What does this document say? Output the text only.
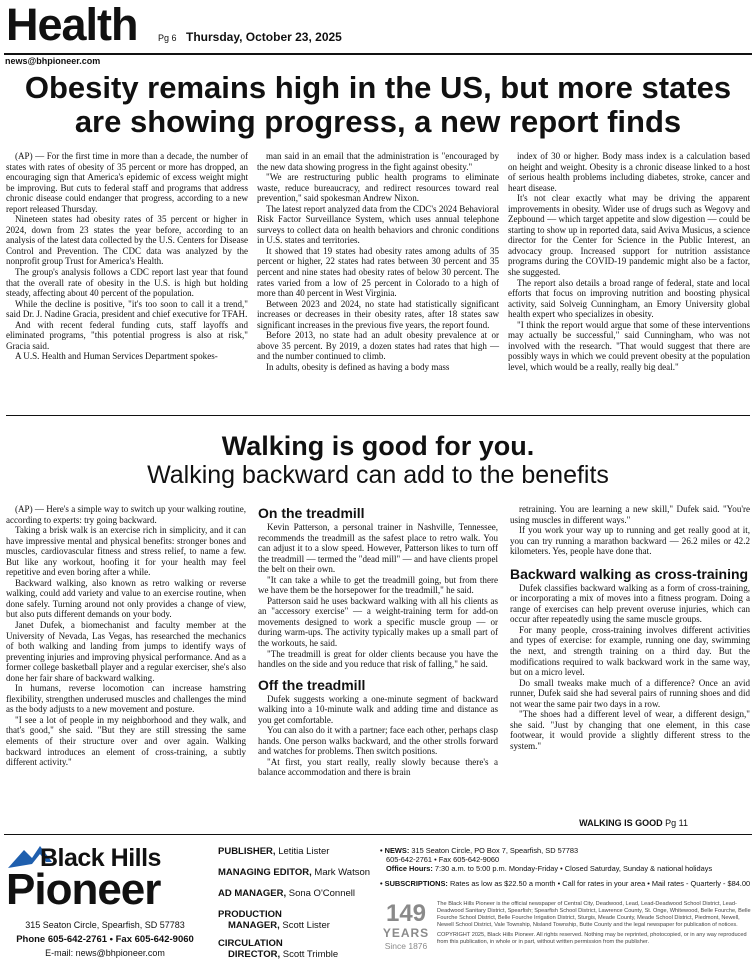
Health Pg 6 Thursday, October 23, 2025
news@bhpioneer.com
Obesity remains high in the US, but more states are showing progress, a new report finds

(AP) — For the first time in more than a decade, the number of states with rates of obesity of 35 percent or more has dropped, an encouraging sign that America's epidemic of excess weight might be improving. But cuts to federal staff and programs that address chronic disease could endanger that progress, according to a new report released Thursday.

Nineteen states had obesity rates of 35 percent or higher in 2024, down from 23 states the year before, according to an analysis of the latest data collected by the U.S. Centers for Disease Control and Prevention. The CDC data was analyzed by the nonprofit group Trust for America's Health.

The group's analysis follows a CDC report last year that found that the overall rate of obesity in the U.S. is high but holding steady, affecting about 40 percent of the population.

While the decline is positive, "it's too soon to call it a trend," said Dr. J. Nadine Gracia, president and chief executive for TFAH.

And with recent federal funding cuts, staff layoffs and eliminated programs, "this potential progress is also at risk," Gracia said.

A U.S. Health and Human Services Department spokes-

man said in an email that the administration is "encouraged by the new data showing progress in the fight against obesity."

"We are restructuring public health programs to eliminate waste, reduce bureaucracy, and redirect resources toward real prevention," said spokesman Andrew Nixon.

The latest report analyzed data from the CDC's 2024 Behavioral Risk Factor Surveillance System, which uses annual telephone surveys to collect data on health behaviors and chronic conditions in U.S. states and territories.

It showed that 19 states had obesity rates among adults of 35 percent or higher, 22 states had rates between 30 percent and 35 percent and nine states had obesity rates of below 30 percent. The rates varied from a low of 25 percent in Colorado to a high of more than 40 percent in West Virginia.

Between 2023 and 2024, no state had statistically significant increases or decreases in their obesity rates, after 18 states saw significant increases in the previous five years, the report found.

Before 2013, no state had an adult obesity prevalence at or above 35 percent. By 2019, a dozen states had rates that high — and the number continued to climb.

In adults, obesity is defined as having a body mass

index of 30 or higher. Body mass index is a calculation based on height and weight. Obesity is a chronic disease linked to a host of serious health problems including diabetes, stroke, cancer and heart disease.

It's not clear exactly what may be driving the apparent improvements in obesity. Wider use of drugs such as Wegovy and Zepbound — which target appetite and slow digestion — could be starting to show up in reported data, said Aviva Musicus, a science director for the Center for Science in the Public Interest, an advocacy group. Increased support for nutrition assistance programs during the COVID-19 pandemic might also be a factor, she suggested.

The report also details a broad range of federal, state and local efforts that focus on improving nutrition and boosting physical activity, said Solveig Cunningham, an Emory University global health expert who specializes in obesity.

"I think the report would argue that some of these interventions may actually be successful," said Cunningham, who was not involved with the research. "That would suggest that there are possibly ways in which we could prevent obesity at the population level, which would be a really, really big deal."

Walking is good for you.
Walking backward can add to the benefits

(AP) — Here's a simple way to switch up your walking routine, according to experts: try going backward.

Taking a brisk walk is an exercise rich in simplicity, and it can have impressive mental and physical benefits: stronger bones and muscles, cardiovascular fitness and stress relief, to name a few. But like any workout, hoofing it for your health may feel repetitive and even boring after a while.

Backward walking, also known as retro walking or reverse walking, could add variety and value to an exercise routine, when done safely. Turning around not only provides a change of view, but also puts different demands on your body.

Janet Dufek, a biomechanist and faculty member at the University of Nevada, Las Vegas, has researched the mechanics of both walking and landing from jumps to identify ways of preventing injuries and improving physical performance. And as a former college basketball player and a regular exerciser, she's also done her fair share of backward walking.

In humans, reverse locomotion can increase hamstring flexibility, strengthen underused muscles and challenges the mind as the body adjusts to a new movement and posture.

"I see a lot of people in my neighborhood and they walk, and that's good," she said. "But they are still stressing the same elements of their structure over and over again. Walking backward introduces an element of cross-training, a subtly different activity."

On the treadmill

Kevin Patterson, a personal trainer in Nashville, Tennessee, recommends the treadmill as the safest place to retro walk. You can adjust it to a slow speed. However, Patterson likes to turn off the treadmill — termed the "dead mill" — and have clients propel the belt on their own.

"It can take a while to get the treadmill going, but from there we have them be the horsepower for the treadmill," he said.

Patterson said he uses backward walking with all his clients as an "accessory exercise" — a weight-training term for add-on movements designed to work a specific muscle group — or during warm-ups. The activity typically makes up a small part of the workouts, he said.

"The treadmill is great for older clients because you have the handles on the side and you reduce that risk of falling," he said.

Off the treadmill

Dufek suggests working a one-minute segment of backward walking into a 10-minute walk and adding time and distance as you get comfortable.

You can also do it with a partner; face each other, perhaps clasp hands. One person walks backward, and the other strolls forward and watches for problems. Then switch positions.

"At first, you start really, really slowly because there's a balance accommodation and there is brain

retraining. You are learning a new skill," Dufek said. "You're using muscles in different ways."

If you work your way up to running and get really good at it, you can try running a marathon backward — 26.2 miles or 42.2 kilometers. Yes, people have done that.

Backward walking as cross-training

Dufek classifies backward walking as a form of cross-training, or incorporating a mix of moves into a fitness program. Doing a range of exercises can help prevent overuse injuries, which can occur after repeatedly using the same muscle groups.

For many people, cross-training involves different activities and types of exercise: for example, running one day, swimming the next, and strength training on a third day. But the modifications required to walk backward work in the same way, but on a micro level.

Do small tweaks make much of a difference? Once an avid runner, Dufek said she had several pairs of running shoes and did not wear the same pair two days in a row.

"The shoes had a different level of wear, a different design," she said. "Just by changing that one element, in this case footwear, it would provide a slightly different stress to the system."

WALKING IS GOOD Pg 11
Black Hills
Pioneer
315 Seaton Circle, Spearfish, SD 57783
Phone 605-642-2761 • Fax 605-642-9060
E-mail: news@bhpioneer.com
PUBLISHER, Letitia Lister
MANAGING EDITOR, Mark Watson
AD MANAGER, Sona O'Connell
PRODUCTION
MANAGER, Scott Lister
CIRCULATION
DIRECTOR, Scott Trimble
• NEWS: 315 Seaton Circle, PO Box 7, Spearfish, SD 57783
605-642-2761 • Fax 605-642-9060
Office Hours: 7:30 a.m. to 5:00 p.m. Monday-Friday • Closed Saturday, Sunday & national holidays
• SUBSCRIPTIONS: Rates as low as $22.50 a month • Call for rates in your area • Mail rates - Quarterly - $84.00
149
YEARS
Since 1876
The Black Hills Pioneer is the official newspaper of Central City, Deadwood, Lead, Lead-Deadwood School District, Lead-Deadwood Sanitary District, Spearfish; Spearfish School District, Lawrence County, St. Onge, Whitewood, Belle Fourche, Belle Fourche School District, Belle Fourche Irrigation District, Sturgis, Meade County, Meade School District, Piedmont, Newell, Newell School District, Vale Township, Nisland Township, Butte County and the legal newspaper for publication of notices.
COPYRIGHT 2025, Black Hills Pioneer. All rights reserved. Nothing may be reprinted, photocopied, or in any way reproduced from this publication, in whole or in part, without written permission from the publisher.
